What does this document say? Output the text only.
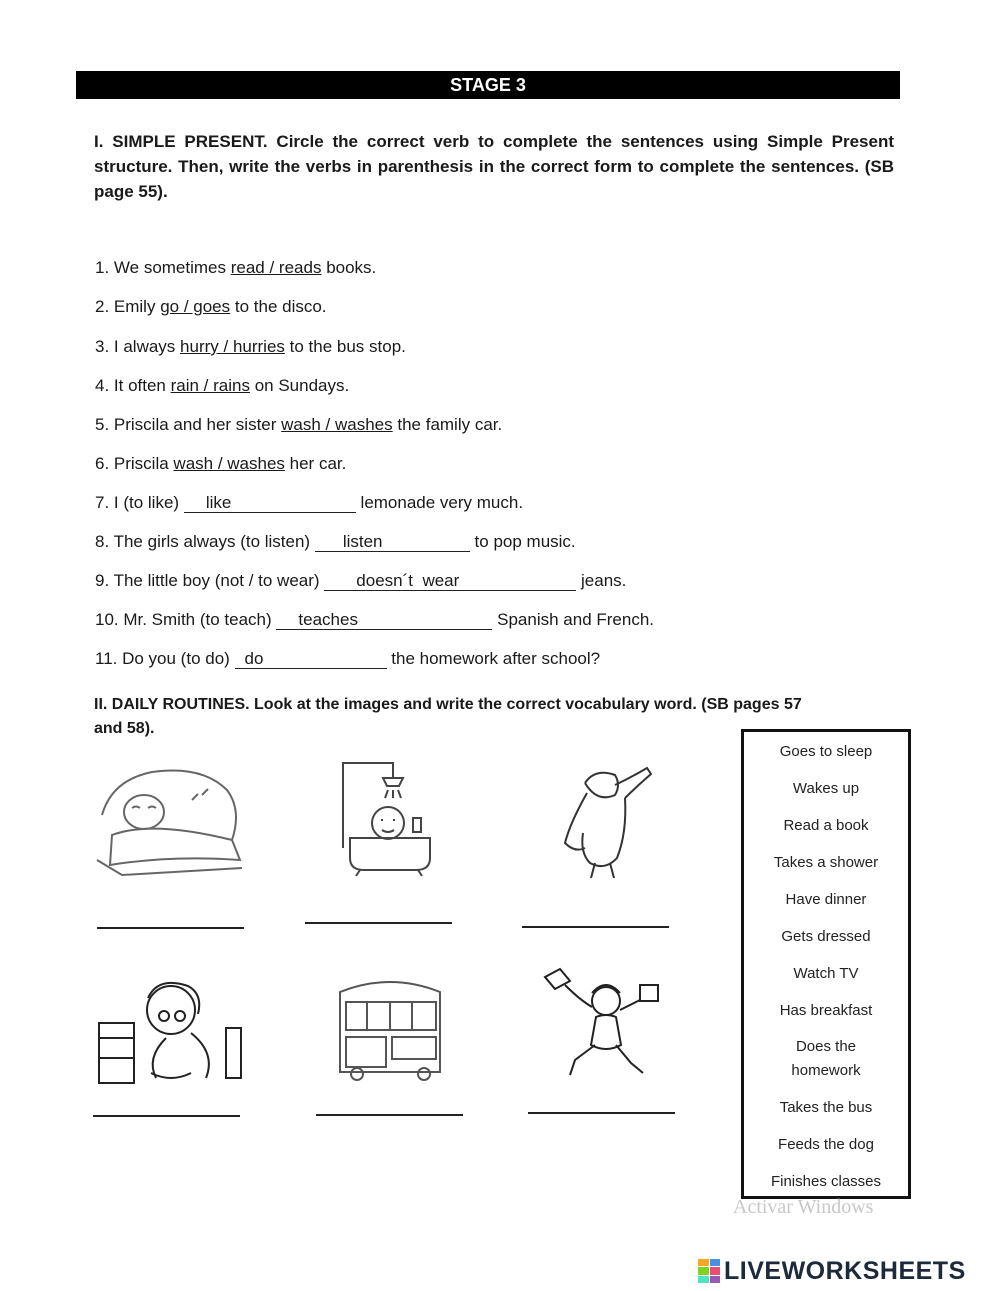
STAGE 3
I. SIMPLE PRESENT. Circle the correct verb to complete the sentences using Simple Present structure. Then, write the verbs in parenthesis in the correct form to complete the sentences. (SB page 55).
1. We sometimes read / reads books.
2. Emily go / goes to the disco.
3. I always hurry / hurries to the bus stop.
4. It often rain / rains on Sundays.
5. Priscila and her sister wash / washes the family car.
6. Priscila wash / washes her car.
7. I (to like) like	lemonade very much.
8. The girls always (to listen) listen	to pop music.
9. The little boy (not / to wear) doesn´t  wear	jeans.
10. Mr. Smith (to teach) teaches	Spanish and French.
11. Do you (to do) do	the homework after school?
II. DAILY ROUTINES. Look at the images and write the correct vocabulary word. (SB pages 57 and 58).
Goes to sleep
Wakes up
Read a book
Takes a shower
Have dinner
Gets dressed
Watch TV
Has breakfast
Does the homework
Takes the bus
Feeds the dog
Finishes classes
Activar Windows
LIVEWORKSHEETS
